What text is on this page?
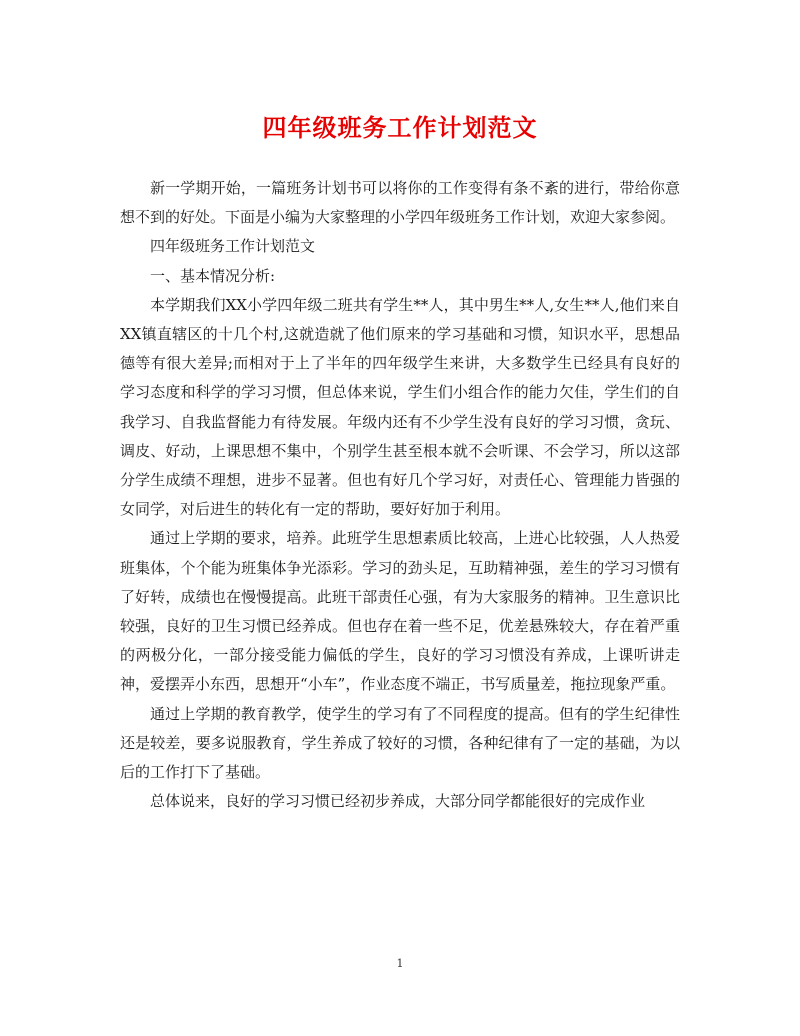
四年级班务工作计划范文

新一学期开始，一篇班务计划书可以将你的工作变得有条不紊的进行，带给你意想不到的好处。下面是小编为大家整理的小学四年级班务工作计划，欢迎大家参阅。

四年级班务工作计划范文

一、基本情况分析:

本学期我们XX小学四年级二班共有学生**人，其中男生**人,女生**人,他们来自XX镇直辖区的十几个村,这就造就了他们原来的学习基础和习惯，知识水平，思想品德等有很大差异;而相对于上了半年的四年级学生来讲，大多数学生已经具有良好的学习态度和科学的学习习惯，但总体来说，学生们小组合作的能力欠佳，学生们的自我学习、自我监督能力有待发展。年级内还有不少学生没有良好的学习习惯，贪玩、调皮、好动，上课思想不集中，个别学生甚至根本就不会听课、不会学习，所以这部分学生成绩不理想，进步不显著。但也有好几个学习好，对责任心、管理能力皆强的女同学，对后进生的转化有一定的帮助，要好好加于利用。

通过上学期的要求，培养。此班学生思想素质比较高，上进心比较强，人人热爱班集体，个个能为班集体争光添彩。学习的劲头足，互助精神强，差生的学习习惯有了好转，成绩也在慢慢提高。此班干部责任心强，有为大家服务的精神。卫生意识比较强，良好的卫生习惯已经养成。但也存在着一些不足，优差悬殊较大，存在着严重的两极分化，一部分接受能力偏低的学生，良好的学习习惯没有养成，上课听讲走神，爱摆弄小东西，思想开“小车”，作业态度不端正，书写质量差，拖拉现象严重。

通过上学期的教育教学，使学生的学习有了不同程度的提高。但有的学生纪律性还是较差，要多说服教育，学生养成了较好的习惯，各种纪律有了一定的基础，为以后的工作打下了基础。

总体说来，良好的学习习惯已经初步养成，大部分同学都能很好的完成作业

1
